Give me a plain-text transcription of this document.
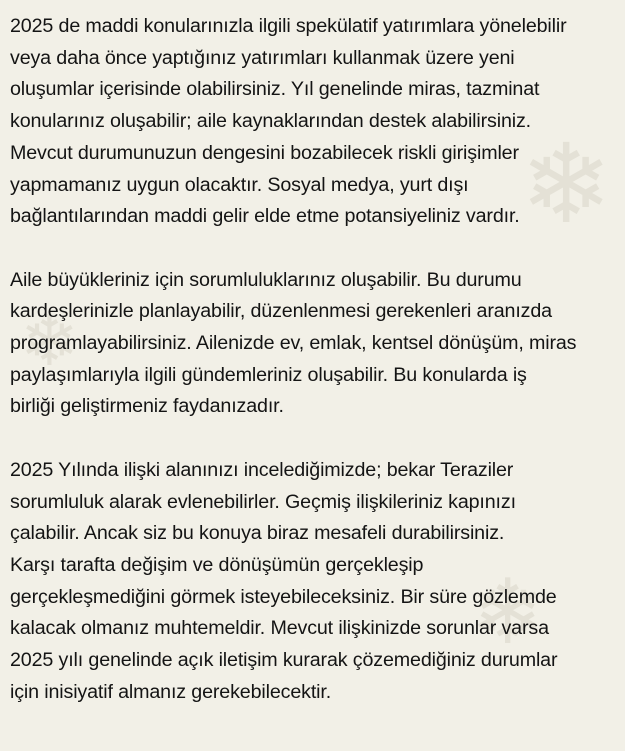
❄
❄
❄

2025 de maddi konularınızla ilgili spekülatif yatırımlara yönelebilir
veya daha önce yaptığınız yatırımları kullanmak üzere yeni
oluşumlar içerisinde olabilirsiniz. Yıl genelinde miras, tazminat
konularınız oluşabilir; aile kaynaklarından destek alabilirsiniz.
Mevcut durumunuzun dengesini bozabilecek riskli girişimler
yapmamanız uygun olacaktır. Sosyal medya, yurt dışı
bağlantılarından maddi gelir elde etme potansiyeliniz vardır.

Aile büyükleriniz için sorumluluklarınız oluşabilir. Bu durumu
kardeşlerinizle planlayabilir, düzenlenmesi gerekenleri aranızda
programlayabilirsiniz. Ailenizde ev, emlak, kentsel dönüşüm, miras
paylaşımlarıyla ilgili gündemleriniz oluşabilir. Bu konularda iş
birliği geliştirmeniz faydanızadır.

2025 Yılında ilişki alanınızı incelediğimizde; bekar Teraziler
sorumluluk alarak evlenebilirler. Geçmiş ilişkileriniz kapınızı
çalabilir. Ancak siz bu konuya biraz mesafeli durabilirsiniz.
Karşı tarafta değişim ve dönüşümün gerçekleşip
gerçekleşmediğini görmek isteyebileceksiniz. Bir süre gözlemde
kalacak olmanız muhtemeldir. Mevcut ilişkinizde sorunlar varsa
2025 yılı genelinde açık iletişim kurarak çözemediğiniz durumlar
için inisiyatif almanız gerekebilecektir.
